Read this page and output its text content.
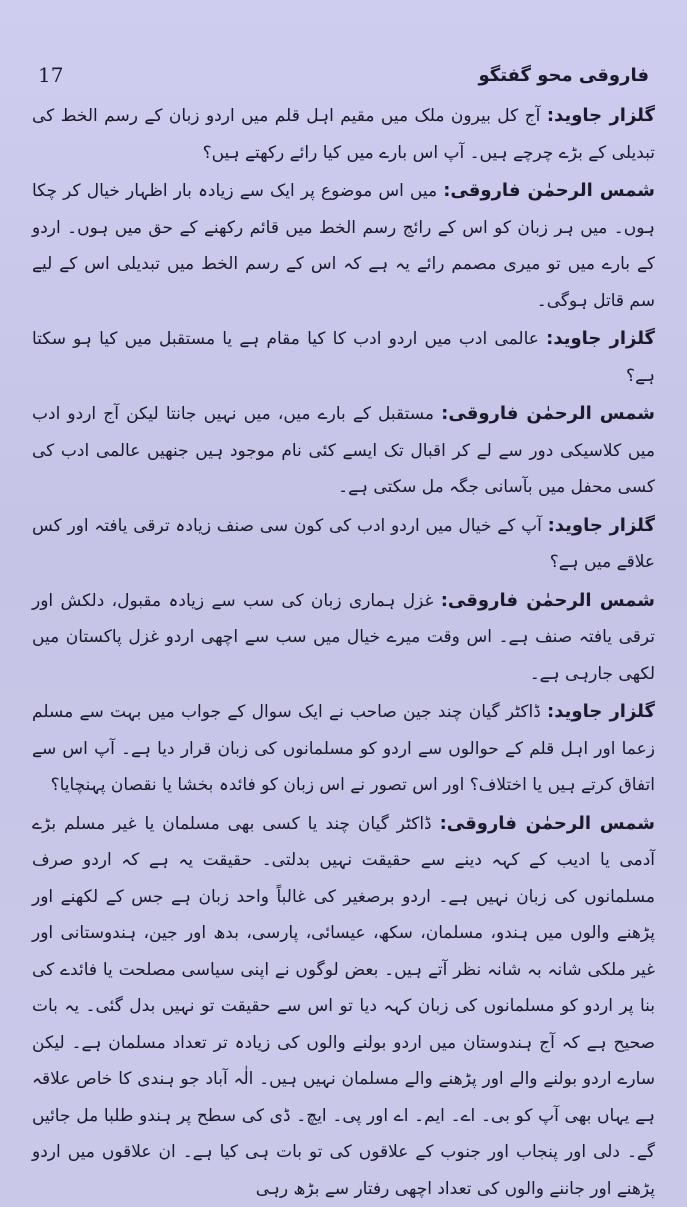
17	فاروقی محو گفتگو

گلزار جاوید: آج کل بیرون ملک میں مقیم اہل قلم میں اردو زبان کے رسم الخط کی تبدیلی کے بڑے چرچے ہیں۔ آپ اس بارے میں کیا رائے رکھتے ہیں؟

شمس الرحمٰن فاروقی: میں اس موضوع پر ایک سے زیادہ بار اظہار خیال کر چکا ہوں۔ میں ہر زبان کو اس کے رائج رسم الخط میں قائم رکھنے کے حق میں ہوں۔ اردو کے بارے میں تو میری مصمم رائے یہ ہے کہ اس کے رسم الخط میں تبدیلی اس کے لیے سم قاتل ہوگی۔

گلزار جاوید: عالمی ادب میں اردو ادب کا کیا مقام ہے یا مستقبل میں کیا ہو سکتا ہے؟

شمس الرحمٰن فاروقی: مستقبل کے بارے میں، میں نہیں جانتا لیکن آج اردو ادب میں کلاسیکی دور سے لے کر اقبال تک ایسے کئی نام موجود ہیں جنھیں عالمی ادب کی کسی محفل میں بآسانی جگہ مل سکتی ہے۔

گلزار جاوید: آپ کے خیال میں اردو ادب کی کون سی صنف زیادہ ترقی یافتہ اور کس علاقے میں ہے؟

شمس الرحمٰن فاروقی: غزل ہماری زبان کی سب سے زیادہ مقبول، دلکش اور ترقی یافتہ صنف ہے۔ اس وقت میرے خیال میں سب سے اچھی اردو غزل پاکستان میں لکھی جارہی ہے۔

گلزار جاوید: ڈاکٹر گیان چند جین صاحب نے ایک سوال کے جواب میں بہت سے مسلم زعما اور اہل قلم کے حوالوں سے اردو کو مسلمانوں کی زبان قرار دیا ہے۔ آپ اس سے اتفاق کرتے ہیں یا اختلاف؟ اور اس تصور نے اس زبان کو فائدہ بخشا یا نقصان پہنچایا؟

شمس الرحمٰن فاروقی: ڈاکٹر گیان چند یا کسی بھی مسلمان یا غیر مسلم بڑے آدمی یا ادیب کے کہہ دینے سے حقیقت نہیں بدلتی۔ حقیقت یہ ہے کہ اردو صرف مسلمانوں کی زبان نہیں ہے۔ اردو برصغیر کی غالباً واحد زبان ہے جس کے لکھنے اور پڑھنے والوں میں ہندو، مسلمان، سکھ، عیسائی، پارسی، بدھ اور جین، ہندوستانی اور غیر ملکی شانہ بہ شانہ نظر آتے ہیں۔ بعض لوگوں نے اپنی سیاسی مصلحت یا فائدے کی بنا پر اردو کو مسلمانوں کی زبان کہہ دیا تو اس سے حقیقت تو نہیں بدل گئی۔ یہ بات صحیح ہے کہ آج ہندوستان میں اردو بولنے والوں کی زیادہ تر تعداد مسلمان ہے۔ لیکن سارے اردو بولنے والے اور پڑھنے والے مسلمان نہیں ہیں۔ الٰہ آباد جو ہندی کا خاص علاقہ ہے یہاں بھی آپ کو بی۔ اے۔ ایم۔ اے اور پی۔ ایچ۔ ڈی کی سطح پر ہندو طلبا مل جائیں گے۔ دلی اور پنجاب اور جنوب کے علاقوں کی تو بات ہی کیا ہے۔ ان علاقوں میں اردو پڑھنے اور جاننے والوں کی تعداد اچھی رفتار سے بڑھ رہی
